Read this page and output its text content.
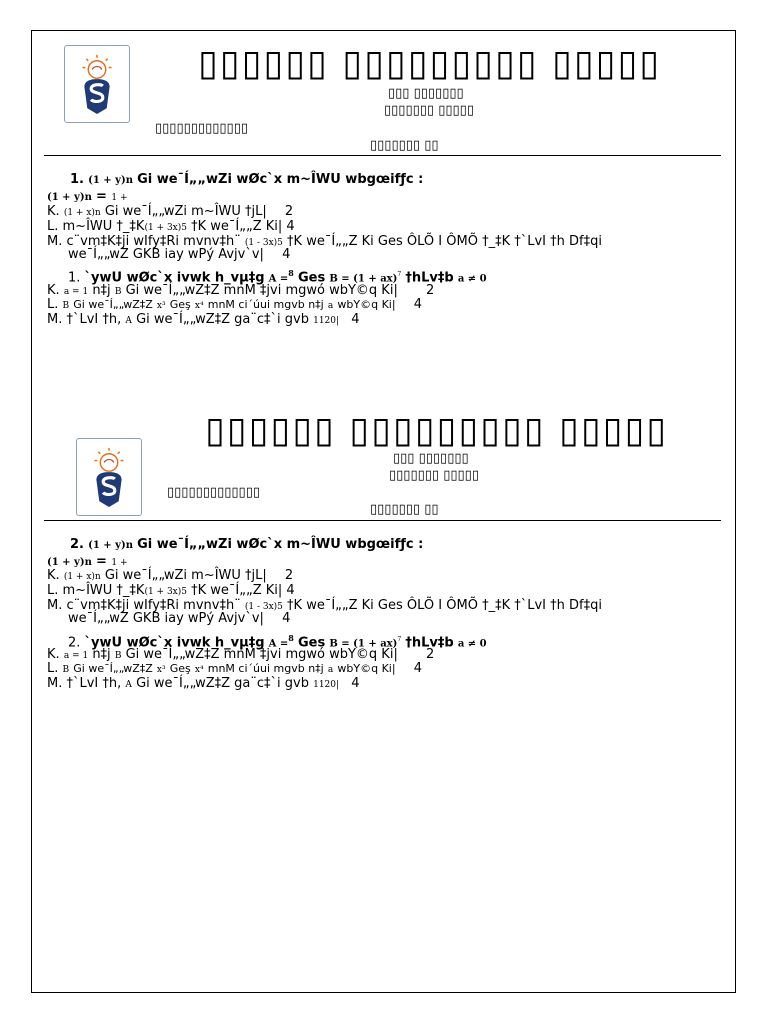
▯▯▯▯▯▯ ▯▯▯▯▯▯▯▯▯ ▯▯▯▯▯
▯▯▯ ▯▯▯▯▯▯▯
▯▯▯▯▯▯▯ ▯▯▯▯▯
▯▯▯▯▯▯▯▯▯▯▯▯▯
▯▯▯▯▯▯▯ ▯▯
1. (1 + y)n Gi we¯Í„„wZi wØc`x m~ÎWU wbgœifƒc :
(1 + y)n = 1 +
K. (1 + x)n Gi we¯Í„„wZi m~ÎWU †jL| 2
L. m~ÎWU †_‡K(1 + 3x)5 †K we¯Í„„Z Ki| 4
M. c¨vm‡K‡ji wIfy‡Ri mvnv‡h¨ (1 - 3x)5 †K we¯Í„„Z Ki Ges ÔLÕ I ÔMÕ †_‡K †`LvI †h Df‡qi
we¯Í„„wZ GKB iay wPý Avjv`v| 4
1. `ywU wØc`x ivwk h_vµ‡g A =$^8$ Ges B = (1 + ax)$^7$ †hLv‡b a ≠ 0
K. a = 1 n‡j B Gi we¯Í„„wZ‡Z mnM ‡jvi mgwó wbY©q Ki| 2
L. B Gi we¯Í„„wZ‡Z x³ Geş x⁴ mnM ci´úui mgvb n‡j a wbY©q Ki| 4
M. †`LvI †h, A Gi we¯Í„„wZ‡Z ga¨c‡`i gvb 1120| 4
▯▯▯▯▯▯ ▯▯▯▯▯▯▯▯▯ ▯▯▯▯▯
▯▯▯ ▯▯▯▯▯▯▯
▯▯▯▯▯▯▯ ▯▯▯▯▯
▯▯▯▯▯▯▯▯▯▯▯▯▯
▯▯▯▯▯▯▯ ▯▯
2. (1 + y)n Gi we¯Í„„wZi wØc`x m~ÎWU wbgœifƒc :
(1 + y)n = 1 +
K. (1 + x)n Gi we¯Í„„wZi m~ÎWU †jL| 2
L. m~ÎWU †_‡K(1 + 3x)5 †K we¯Í„„Z Ki| 4
M. c¨vm‡K‡ji wIfy‡Ri mvnv‡h¨ (1 - 3x)5 †K we¯Í„„Z Ki Ges ÔLÕ I ÔMÕ †_‡K †`LvI †h Df‡qi
we¯Í„„wZ GKB iay wPý Avjv`v| 4
2. `ywU wØc`x ivwk h_vµ‡g A =$^8$ Ges B = (1 + ax)$^7$ †hLv‡b a ≠ 0
K. a = 1 n‡j B Gi we¯Í„„wZ‡Z mnM ‡jvi mgwó wbY©q Ki| 2
L. B Gi we¯Í„„wZ‡Z x³ Geş x⁴ mnM ci´úui mgvb n‡j a wbY©q Ki| 4
M. †`LvI †h, A Gi we¯Í„„wZ‡Z ga¨c‡`i gvb 1120| 4
